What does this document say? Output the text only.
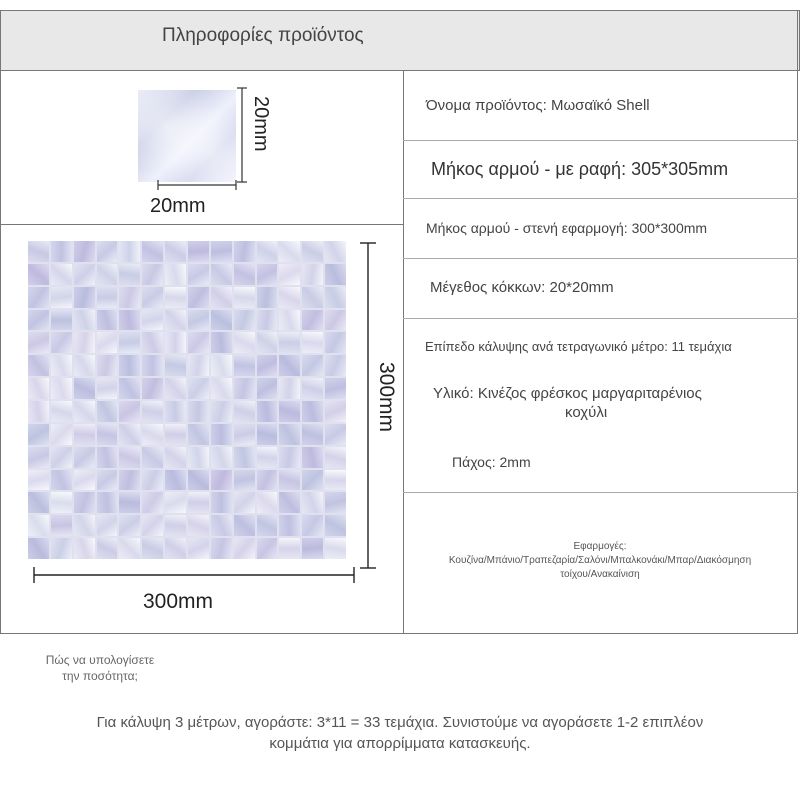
Πληροφορίες προϊόντος
20mm
20mm
300mm
300mm
Όνομα προϊόντος: Μωσαϊκό Shell
Μήκος αρμού - με ραφή: 305*305mm
Μήκος αρμού - στενή εφαρμογή: 300*300mm
Μέγεθος κόκκων: 20*20mm
Επίπεδο κάλυψης ανά τετραγωνικό μέτρο: 11 τεμάχια
Υλικό: Κινέζος φρέσκος μαργαριταρένιος
κοχύλι
Πάχος: 2mm
Εφαρμογές:
Κουζίνα/Μπάνιο/Τραπεζαρία/Σαλόνι/Μπαλκονάκι/Μπαρ/Διακόσμηση
τοίχου/Ανακαίνιση
Πώς να υπολογίσετε
την ποσότητα;
Για κάλυψη 3 μέτρων, αγοράστε: 3*11 = 33 τεμάχια. Συνιστούμε να αγοράσετε 1-2 επιπλέον
κομμάτια για απορρίμματα κατασκευής.
